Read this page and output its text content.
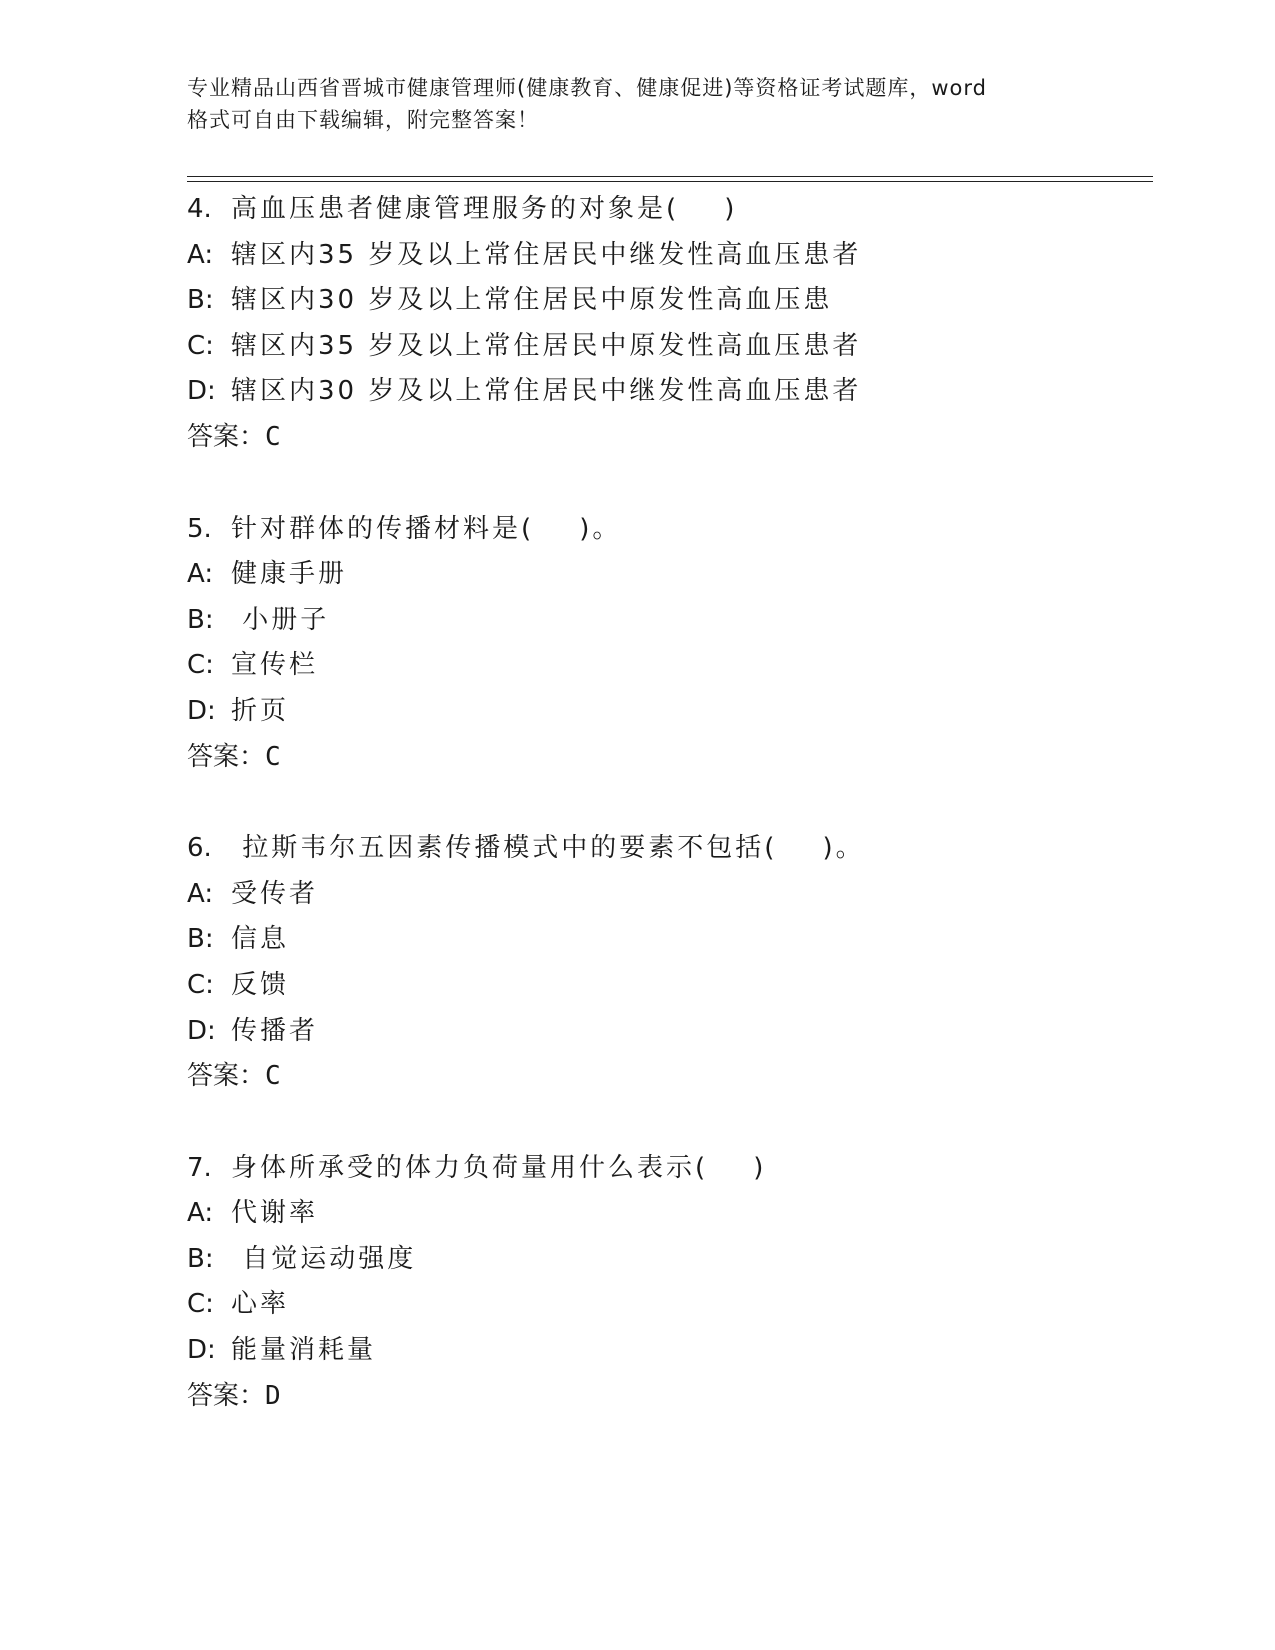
专业精品山西省晋城市健康管理师(健康教育、健康促进)等资格证考试题库，word
格式可自由下载编辑，附完整答案！
4. 高血压患者健康管理服务的对象是(    )
A: 辖区内35 岁及以上常住居民中继发性高血压患者
B: 辖区内30 岁及以上常住居民中原发性高血压患
C: 辖区内35 岁及以上常住居民中原发性高血压患者
D: 辖区内30 岁及以上常住居民中继发性高血压患者
答案：C
5. 针对群体的传播材料是(    )。
A: 健康手册
B: 小册子
C: 宣传栏
D: 折页
答案：C
6. 拉斯韦尔五因素传播模式中的要素不包括(    )。
A: 受传者
B: 信息
C: 反馈
D: 传播者
答案：C
7. 身体所承受的体力负荷量用什么表示(    )
A: 代谢率
B: 自觉运动强度
C: 心率
D: 能量消耗量
答案：D
